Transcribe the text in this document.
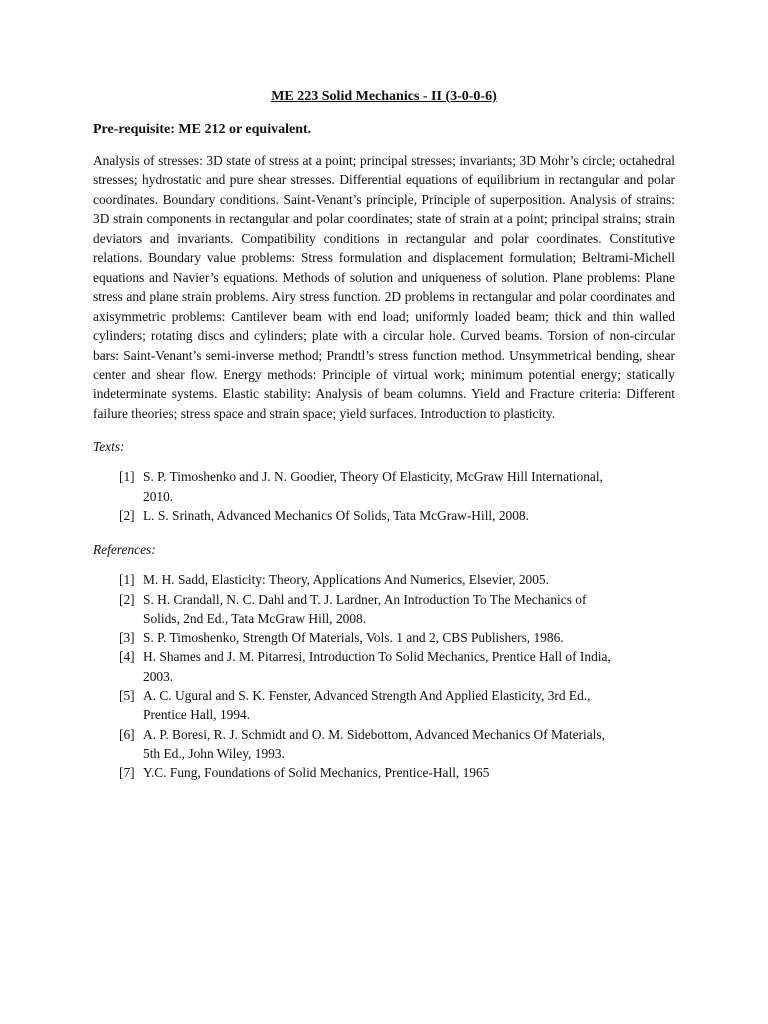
ME 223 Solid Mechanics - II (3-0-0-6)
Pre-requisite: ME 212 or equivalent.

Analysis of stresses: 3D state of stress at a point; principal stresses; invariants; 3D Mohr’s circle; octahedral stresses; hydrostatic and pure shear stresses. Differential equations of equilibrium in rectangular and polar coordinates. Boundary conditions. Saint-Venant’s principle, Principle of superposition. Analysis of strains: 3D strain components in rectangular and polar coordinates; state of strain at a point; principal strains; strain deviators and invariants. Compatibility conditions in rectangular and polar coordinates. Constitutive relations. Boundary value problems: Stress formulation and displacement formulation; Beltrami-Michell equations and Navier’s equations. Methods of solution and uniqueness of solution. Plane problems: Plane stress and plane strain problems. Airy stress function. 2D problems in rectangular and polar coordinates and axisymmetric problems: Cantilever beam with end load; uniformly loaded beam; thick and thin walled cylinders; rotating discs and cylinders; plate with a circular hole. Curved beams. Torsion of non-circular bars: Saint-Venant’s semi-inverse method; Prandtl’s stress function method. Unsymmetrical bending, shear center and shear flow. Energy methods: Principle of virtual work; minimum potential energy; statically indeterminate systems. Elastic stability: Analysis of beam columns. Yield and Fracture criteria: Different failure theories; stress space and strain space; yield surfaces. Introduction to plasticity.

Texts:
[1] S. P. Timoshenko and J. N. Goodier, Theory Of Elasticity, McGraw Hill International, 2010.
[2] L. S. Srinath, Advanced Mechanics Of Solids, Tata McGraw-Hill, 2008.
References:
[1] M. H. Sadd, Elasticity: Theory, Applications And Numerics, Elsevier, 2005.
[2] S. H. Crandall, N. C. Dahl and T. J. Lardner, An Introduction To The Mechanics of Solids, 2nd Ed., Tata McGraw Hill, 2008.
[3] S. P. Timoshenko, Strength Of Materials, Vols. 1 and 2, CBS Publishers, 1986.
[4] H. Shames and J. M. Pitarresi, Introduction To Solid Mechanics, Prentice Hall of India, 2003.
[5] A. C. Ugural and S. K. Fenster, Advanced Strength And Applied Elasticity, 3rd Ed., Prentice Hall, 1994.
[6] A. P. Boresi, R. J. Schmidt and O. M. Sidebottom, Advanced Mechanics Of Materials, 5th Ed., John Wiley, 1993.
[7] Y.C. Fung, Foundations of Solid Mechanics, Prentice-Hall, 1965
